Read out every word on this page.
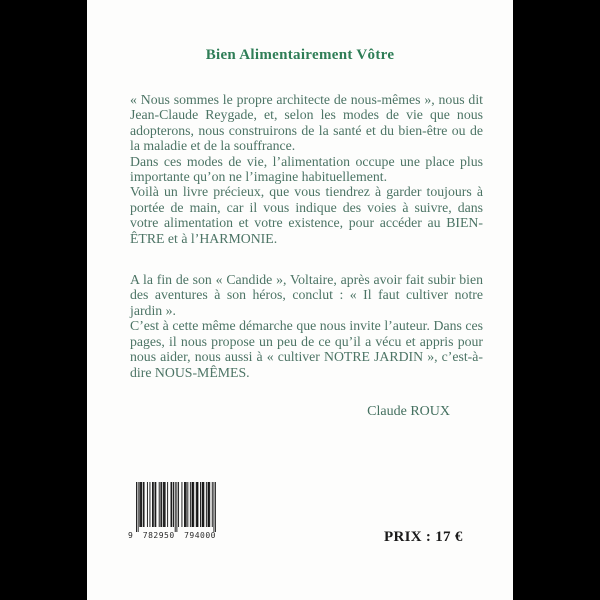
Bien Alimentairement Vôtre

« Nous sommes le propre architecte de nous-mêmes », nous dit Jean-Claude Reygade, et, selon les modes de vie que nous adopterons, nous construirons de la santé et du bien-être ou de la maladie et de la souffrance.

Dans ces modes de vie, l’alimentation occupe une place plus importante qu’on ne l’imagine habituellement.

Voilà un livre précieux, que vous tiendrez à garder toujours à portée de main, car il vous indique des voies à suivre, dans votre alimentation et votre existence, pour accéder au BIEN-ÊTRE et à l’HARMONIE.

A la fin de son « Candide », Voltaire, après avoir fait subir bien des aventures à son héros, conclut : « Il faut cultiver notre jardin ».

C’est à cette même démarche que nous invite l’auteur. Dans ces pages, il nous propose un peu de ce qu’il a vécu et appris pour nous aider, nous aussi à « cultiver NOTRE JARDIN », c’est-à-dire NOUS-MÊMES.

Claude ROUX
9 782950 794000	PRIX : 17 €
